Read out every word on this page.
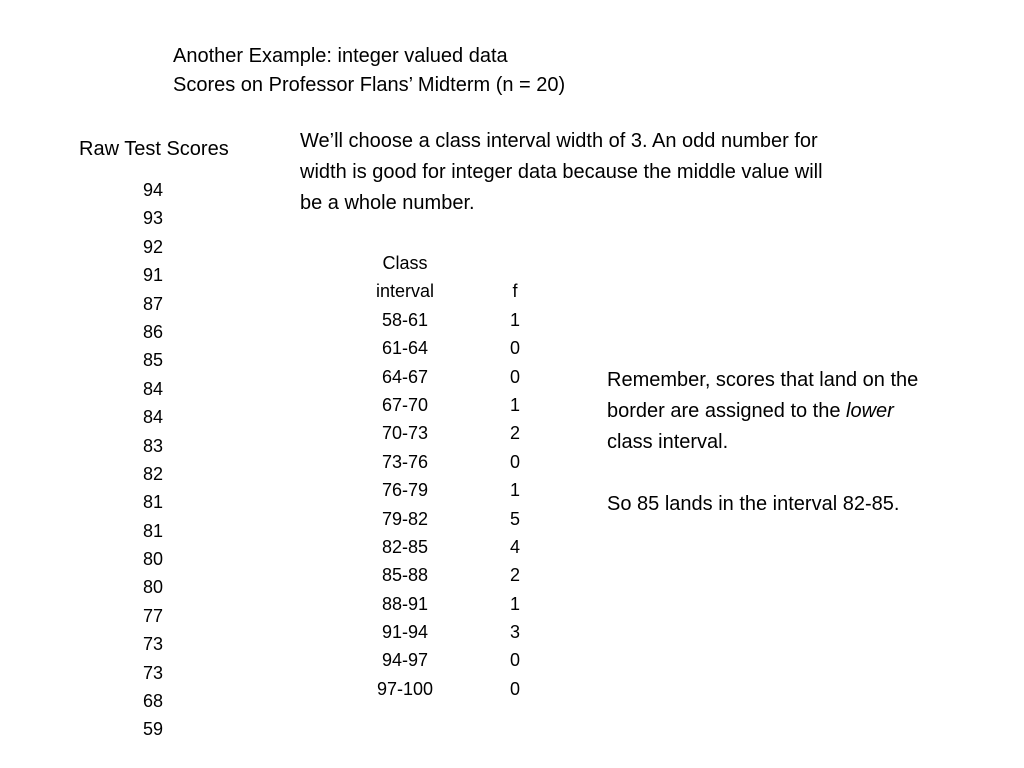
Another Example: integer valued data
Scores on Professor Flans’ Midterm (n = 20)
Raw Test Scores
94
93
92
91
87
86
85
84
84
83
82
81
81
80
80
77
73
73
68
59
We’ll choose a class interval width of 3. An odd number for width is good for integer data because the middle value will be a whole number.
Class
interval	f
58-61	1
61-64	0
64-67	0
67-70	1
70-73	2
73-76	0
76-79	1
79-82	5
82-85	4
85-88	2
88-91	1
91-94	3
94-97	0
97-100	0

Remember, scores that land on the border are assigned to the lower class interval.

So 85 lands in the interval 82-85.
